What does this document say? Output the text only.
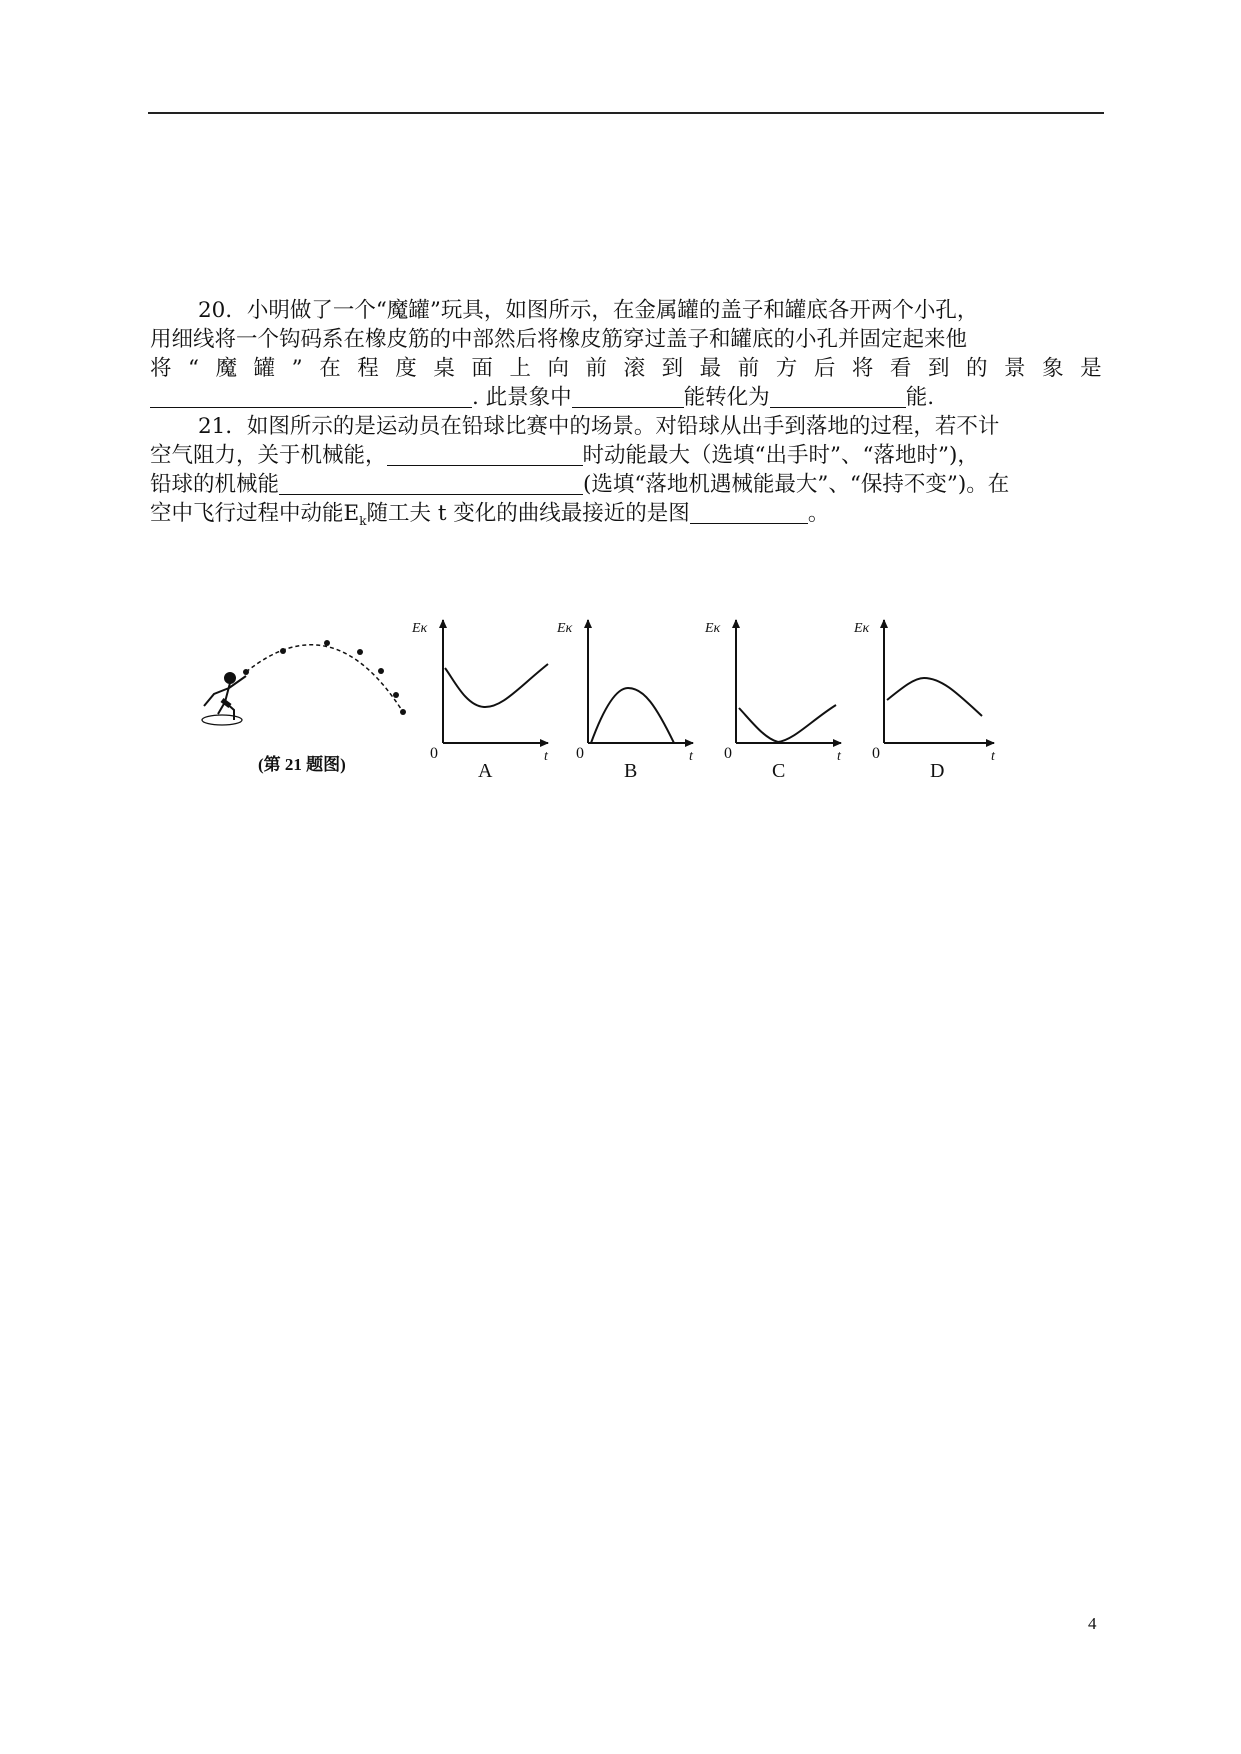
20．小明做了一个“魔罐”玩具，如图所示，在金属罐的盖子和罐底各开两个小孔，

用细线将一个钩码系在橡皮筋的中部然后将橡皮筋穿过盖子和罐底的小孔并固定起来他

将 “ 魔 罐 ” 在 程 度 桌 面 上 向 前 滚 到 最 前 方 后 将 看 到 的 景 象 是

. 此景象中	能转化为	能.

21．如图所示的是运动员在铅球比赛中的场景。对铅球从出手到落地的过程，若不计

空气阻力，关于机械能，	时动能最大（选填“出手时”、“落地时”)，

铅球的机械能	(选填“落地机遇械能最大”、“保持不变”)。在

空中飞行过程中动能$E_k$随工夫 t 变化的曲线最接近的是图	。

Eκ	Eκ	Eκ	Eκ
t	t	t	t
0	0	0	0
(第 21 题图)	A	B	C	D
4
